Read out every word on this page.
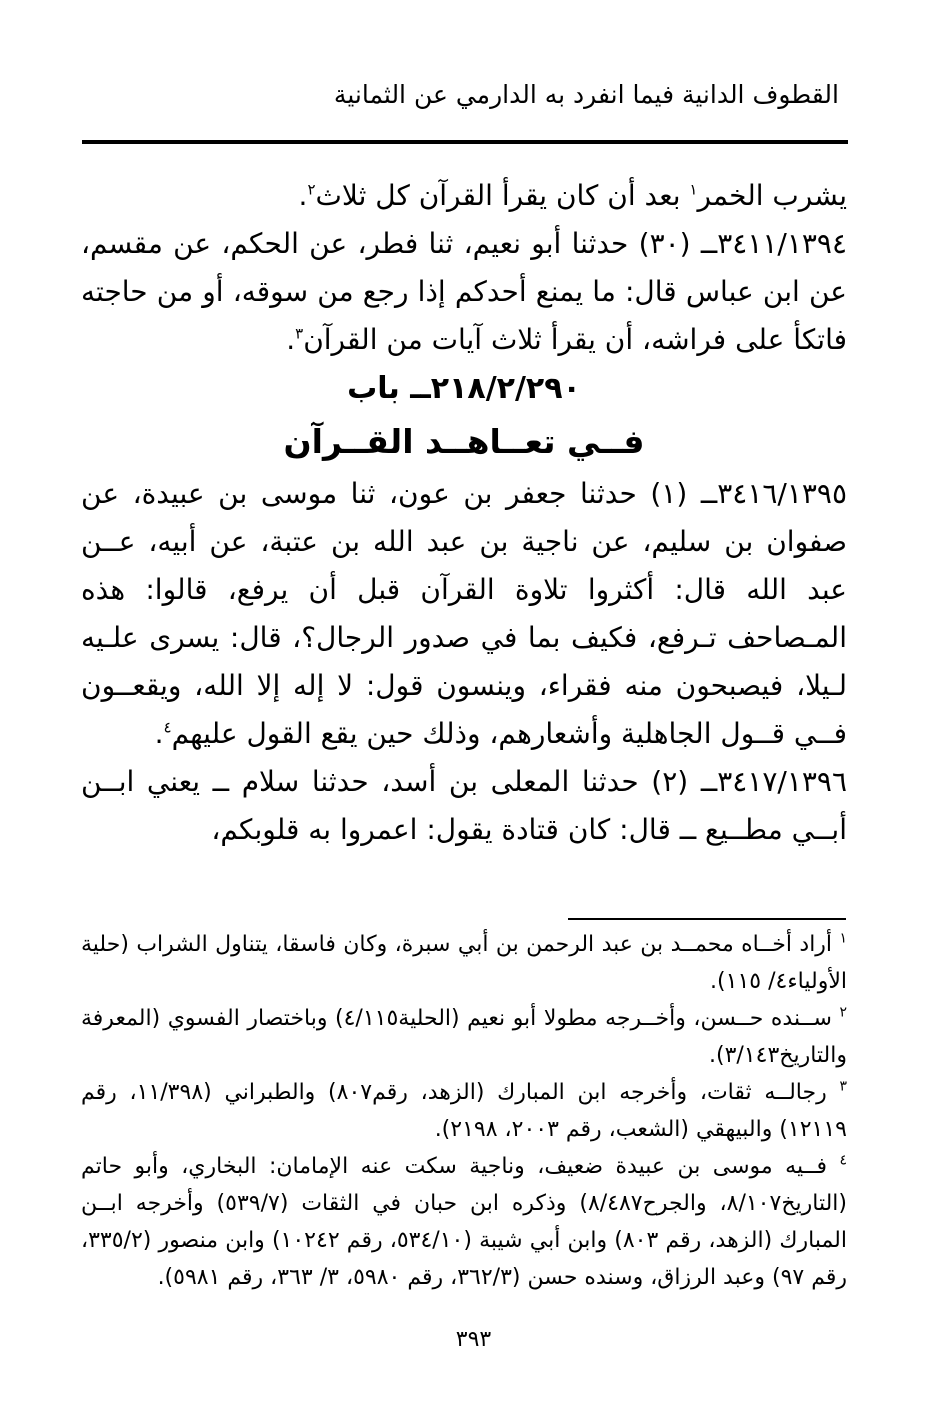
القطوف الدانية فيما انفرد به الدارمي عن الثمانية

يشرب الخمر$^١$ بعد أن كان يقرأ القرآن كل ثلاث$^٢$.

٣٤١١/١٣٩٤ــ (٣٠) حدثنا أبو نعيم، ثنا فطر، عن الحكم، عن مقسم، عن ابن عباس قال: ما يمنع أحدكم إذا رجع من سوقه، أو من حاجته فاتكأ على فراشه، أن يقرأ ثلاث آيات من القرآن$^٣$.

٢١٨/٢/٢٩٠ــ باب

فــي تعــاهــد القــرآن

٣٤١٦/١٣٩٥ــ (١) حدثنا جعفر بن عون، ثنا موسى بن عبيدة، عن صفوان بن سليم، عن ناجية بن عبد الله بن عتبة، عن أبيه، عــن عبد الله قال: أكثروا تلاوة القرآن قبل أن يرفع، قالوا: هذه المـصاحف تـرفع، فكيف بما في صدور الرجال؟، قال: يسرى علـيه لـيلا، فيصبحون منه فقراء، وينسون قول: لا إله إلا الله، ويقعــون فــي قــول الجاهلية وأشعارهم، وذلك حين يقع القول عليهم$^٤$.

٣٤١٧/١٣٩٦ــ (٢) حدثنا المعلى بن أسد، حدثنا سلام ــ يعني ابــن أبــي مطــيع ــ قال: كان قتادة يقول: اعمروا به قلوبكم،

$^١$ أراد أخــاه محمــد بن عبد الرحمن بن أبي سبرة، وكان فاسقا، يتناول الشراب (حلية الأولياء٤/ ١١٥).

$^٢$ ســنده حــسن، وأخــرجه مطولا أبو نعيم (الحلية٤/١١٥) وباختصار الفسوي (المعرفة والتاريخ٣/١٤٣).

$^٣$ رجالــه ثقات، وأخرجه ابن المبارك (الزهد، رقم٨٠٧) والطبراني (١١/٣٩٨، رقم ١٢١١٩) والبيهقي (الشعب، رقم ٢٠٠٣، ٢١٩٨).

$^٤$ فــيه موسى بن عبيدة ضعيف، وناجية سكت عنه الإمامان: البخاري، وأبو حاتم (التاريخ٨/١٠٧، والجرح٨/٤٨٧) وذكره ابن حبان في الثقات (٥٣٩/٧) وأخرجه ابــن المبارك (الزهد، رقم ٨٠٣) وابن أبي شيبة (٥٣٤/١٠، رقم ١٠٢٤٢) وابن منصور (٣٣٥/٢، رقم ٩٧) وعبد الرزاق، وسنده حسن (٣٦٢/٣، رقم ٥٩٨٠، ٣/ ٣٦٣، رقم ٥٩٨١).

٣٩٣
